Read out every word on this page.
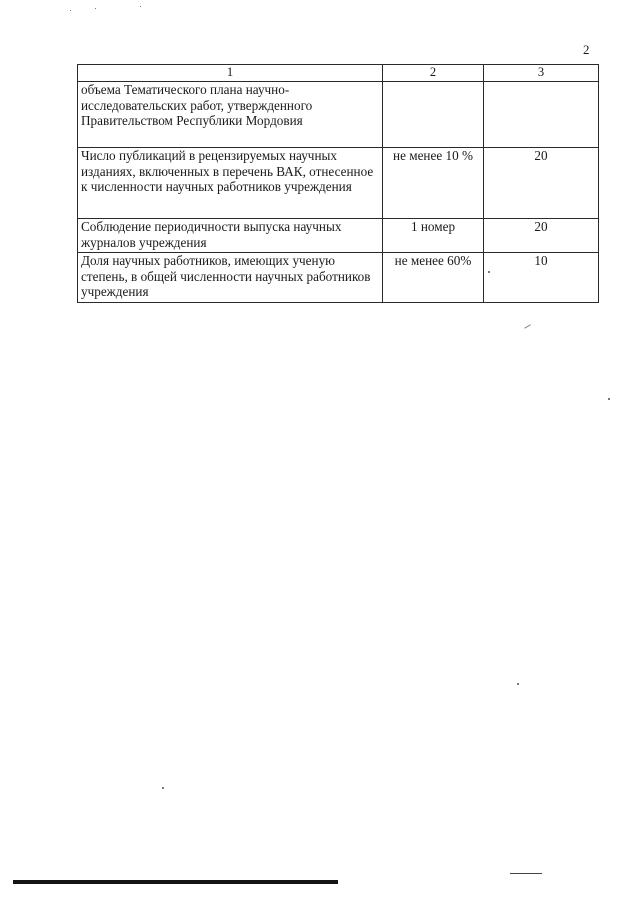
2
1	2	3
объема Тематического плана научно-исследовательских работ, утвержденного Правительством Республики Мордовия		
Число публикаций в рецензируемых научных изданиях, включенных в перечень ВАК, отнесенное к численности научных работников учреждения	не менее 10 %	20
Соблюдение периодичности выпуска научных журналов учреждения	1 номер	20
Доля научных работников, имеющих ученую степень, в общей численности научных работников учреждения	не менее 60%	10
